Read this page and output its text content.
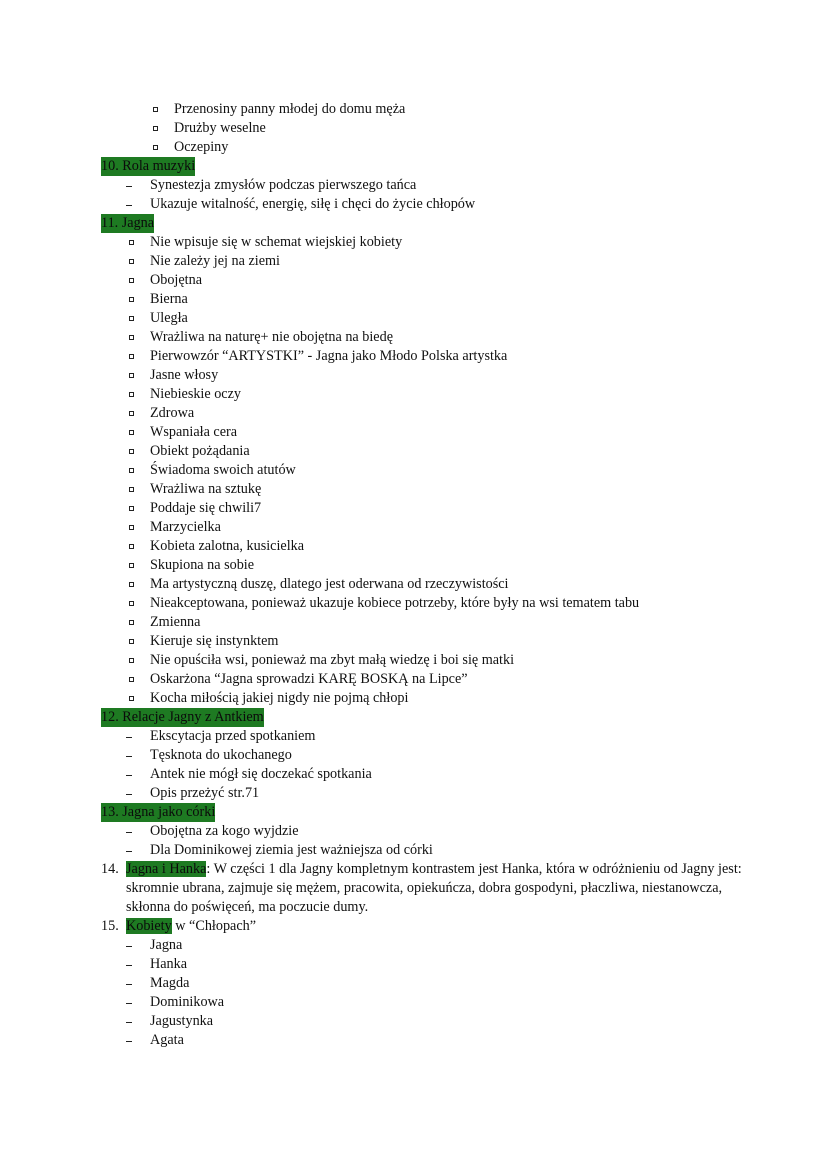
Przenosiny panny młodej do domu męża
Drużby weselne
Oczepiny
10. Rola muzyki
Synestezja zmysłów podczas pierwszego tańca
Ukazuje witalność, energię, siłę i chęci do życie chłopów
11. Jagna
Nie wpisuje się w schemat wiejskiej kobiety
Nie zależy jej na ziemi
Obojętna
Bierna
Uległa
Wrażliwa na naturę+ nie obojętna na biedę
Pierwowzór “ARTYSTKI” - Jagna jako Młodo Polska artystka
Jasne włosy
Niebieskie oczy
Zdrowa
Wspaniała cera
Obiekt pożądania
Świadoma swoich atutów
Wrażliwa na sztukę
Poddaje się chwili7
Marzycielka
Kobieta zalotna, kusicielka
Skupiona na sobie
Ma artystyczną duszę, dlatego jest oderwana od rzeczywistości
Nieakceptowana, ponieważ ukazuje kobiece potrzeby, które były na wsi tematem tabu
Zmienna
Kieruje się instynktem
Nie opuściła wsi, ponieważ ma zbyt małą wiedzę i boi się matki
Oskarżona “Jagna sprowadzi KARĘ BOSKĄ na Lipce”
Kocha miłością jakiej nigdy nie pojmą chłopi
12. Relacje Jagny z Antkiem
Ekscytacja przed spotkaniem
Tęsknota do ukochanego
Antek nie mógł się doczekać spotkania
Opis przeżyć str.71
13. Jagna jako córki
Obojętna za kogo wyjdzie
Dla Dominikowej ziemia jest ważniejsza od córki
14. Jagna i Hanka: W części 1 dla Jagny kompletnym kontrastem jest Hanka, która w odróżnieniu od Jagny jest: skromnie ubrana, zajmuje się mężem, pracowita, opiekuńcza, dobra gospodyni, płaczliwa, niestanowcza, skłonna do poświęceń, ma poczucie dumy.
15. Kobiety w “Chłopach”
Jagna
Hanka
Magda
Dominikowa
Jagustynka
Agata
